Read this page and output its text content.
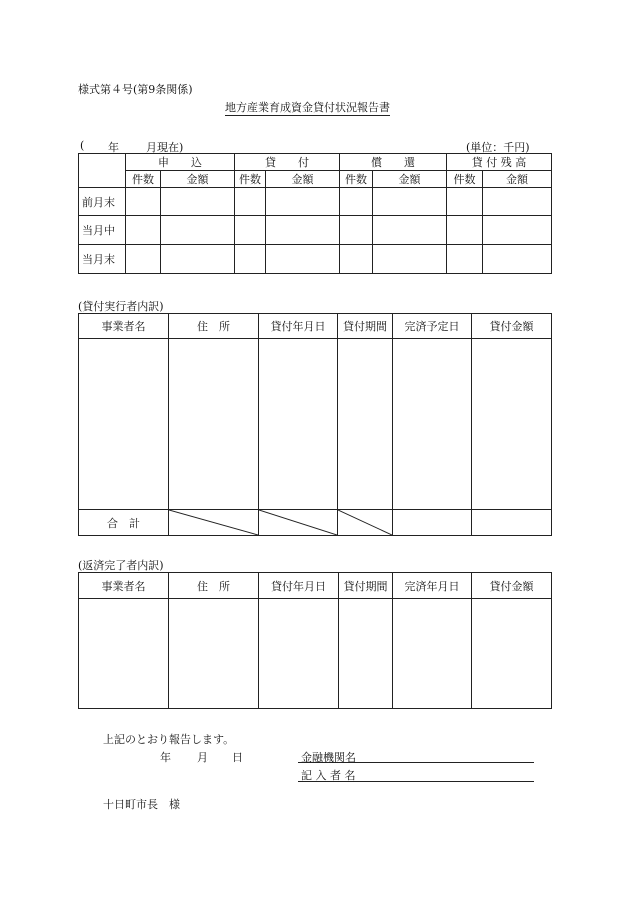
様式第４号(第9条関係)
地方産業育成資金貸付状況報告書
( 年 月現在)	(単位：千円)
	申　　込		貸　　付		償　　還		貸 付 残 高	
	件数	金額	件数	金額	件数	金額	件数	金額
前月末								
当月中								
当月末								
(貸付実行者内訳)
事業者名	住　所	貸付年月日	貸付期間	完済予定日	貸付金額

合　計	

(返済完了者内訳)
事業者名	住　所	貸付年月日	貸付期間	完済年月日	貸付金額

上記のとおり報告します。
年 月 日	金融機関名
記 入 者 名
十日町市長　様
